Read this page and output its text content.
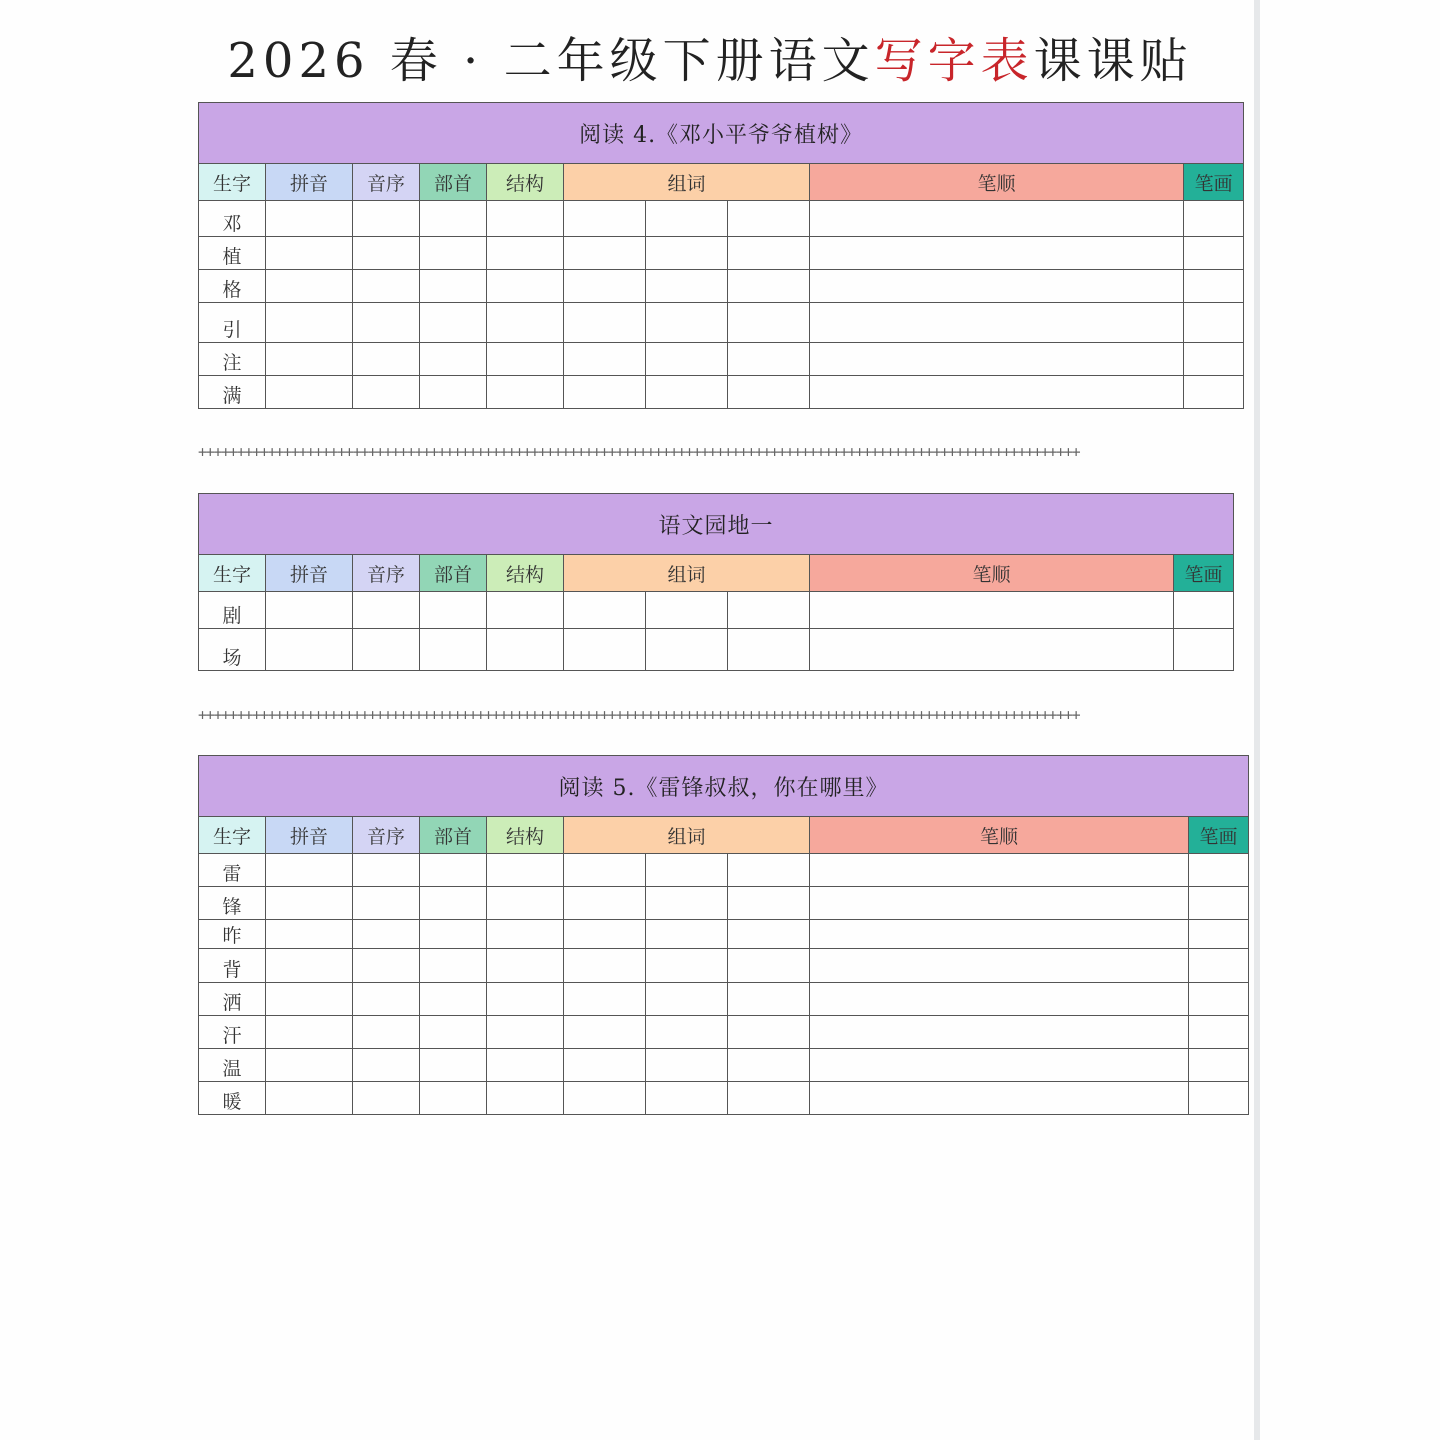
2026 春 · 二年级下册语文写字表课课贴
阅读 4.《邓小平爷爷植树》									
生字	拼音	音序	部首	结构	组词			笔顺	笔画
邓									
植									
格									
引									
注									
满									
++++++++++++++++++++++++++++++++++++++++++++++++++++++++++++++++++++++++++++++++++++++++++++++++++++++++++++++++++
语文园地一									
生字	拼音	音序	部首	结构	组词			笔顺	笔画
剧									
场									
++++++++++++++++++++++++++++++++++++++++++++++++++++++++++++++++++++++++++++++++++++++++++++++++++++++++++++++++++
阅读 5.《雷锋叔叔，你在哪里》									
生字	拼音	音序	部首	结构	组词			笔顺	笔画
雷									
锋									
昨									
背									
洒									
汗									
温									
暖									
